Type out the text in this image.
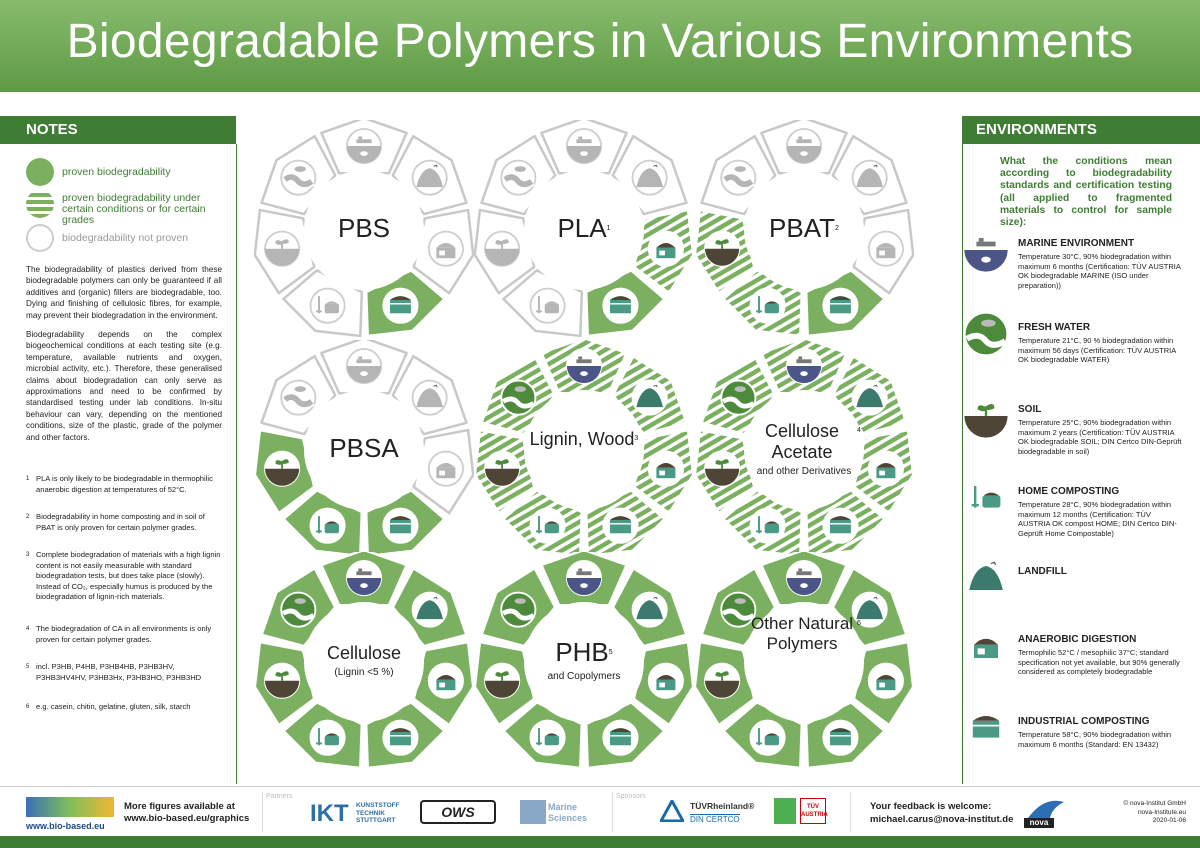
Biodegradable Polymers in Various Environments
NOTES
proven biodegradability
proven biodegradability under certain conditions or for certain grades
biodegradability not proven

The biodegradability of plastics derived from these biodegradable polymers can only be guaranteed if all additives and (organic) fillers are biodegradable, too. Dying and finishing of cellulosic fibres, for example, may prevent their biodegradation in the environment.

Biodegradability depends on the complex biogeochemical conditions at each testing site (e.g. temperature, available nutrients and oxygen, microbial activity, etc.). Therefore, these generalised claims about biodegradation can only serve as approximations and need to be confirmed by standardised testing under lab conditions. In-situ behaviour can vary, depending on the mentioned conditions, size of the plastic, grade of the polymer and other factors.

1 PLA is only likely to be biodegradable in thermophilic anaerobic digestion at temperatures of 52°C.
2 Biodegradability in home composting and in soil of PBAT is only proven for certain polymer grades.
3 Complete biodegradation of materials with a high lignin content is not easily measurable with standard biodegradation tests, but does take place (slowly). Instead of CO₂, especially humus is produced by the biodegradation of lignin-rich materials.
4 The biodegradation of CA in all environments is only proven for certain polymer grades.
5 incl. P3HB, P4HB, P3HB4HB, P3HB3HV, P3HB3HV4HV, P3HB3Hx, P3HB3HO, P3HB3HD
6 e.g. casein, chitin, gelatine, gluten, silk, starch
ENVIRONMENTS
What the conditions mean according to biodegradability standards and certification testing (all applied to fragmented materials to control for sample size):
MARINE ENVIRONMENT
Temperature 30°C, 90% biodegradation within maximum 6 months (Certification: TÜV AUSTRIA OK biodegradable MARINE (ISO under preparation))
FRESH WATER
Temperature 21°C, 90 % biodegradation within maximum 56 days (Certification: TÜV AUSTRIA OK biodegradable WATER)
SOIL
Temperature 25°C, 90% biodegradation within maximum 2 years (Certification: TÜV AUSTRIA OK biodegradable SOIL; DIN Certco DIN-Geprüft biodegradable in soil)
HOME COMPOSTING
Temperature 28°C, 90% biodegradation within maximum 12 months (Certification: TÜV AUSTRIA OK compost HOME; DIN Certco DIN-Geprüft Home Compostable)
LANDFILL
ANAEROBIC DIGESTION
Termophilic 52°C / mesophilic 37°C; standard specification not yet available, but 90% generally considered as completely biodegradable
INDUSTRIAL COMPOSTING
Temperature 58°C, 90% biodegradation within maximum 6 months (Standard: EN 13432)
PBS	PLA$^1$	PBAT$^2$
PBSA	Lignin, Wood$^3$	Cellulose Acetate$^4$
and other Derivatives
Cellulose
(Lignin <5 %)
PHB$^5$
and Copolymers
Other Natural Polymers$^6$
www.bio-based.eu
More figures available at
www.bio-based.eu/graphics
Partners
IKT KUNSTSTOFF TECHNIK STUTTGART
OWS	Marine Sciences
Sponsors
TÜVRheinland®
DIN CERTCO
TÜV AUSTRIA
Your feedback is welcome:
michael.carus@nova-institut.de	nova
© nova-Institut GmbH
nova-Institute.eu
2020-01-06
